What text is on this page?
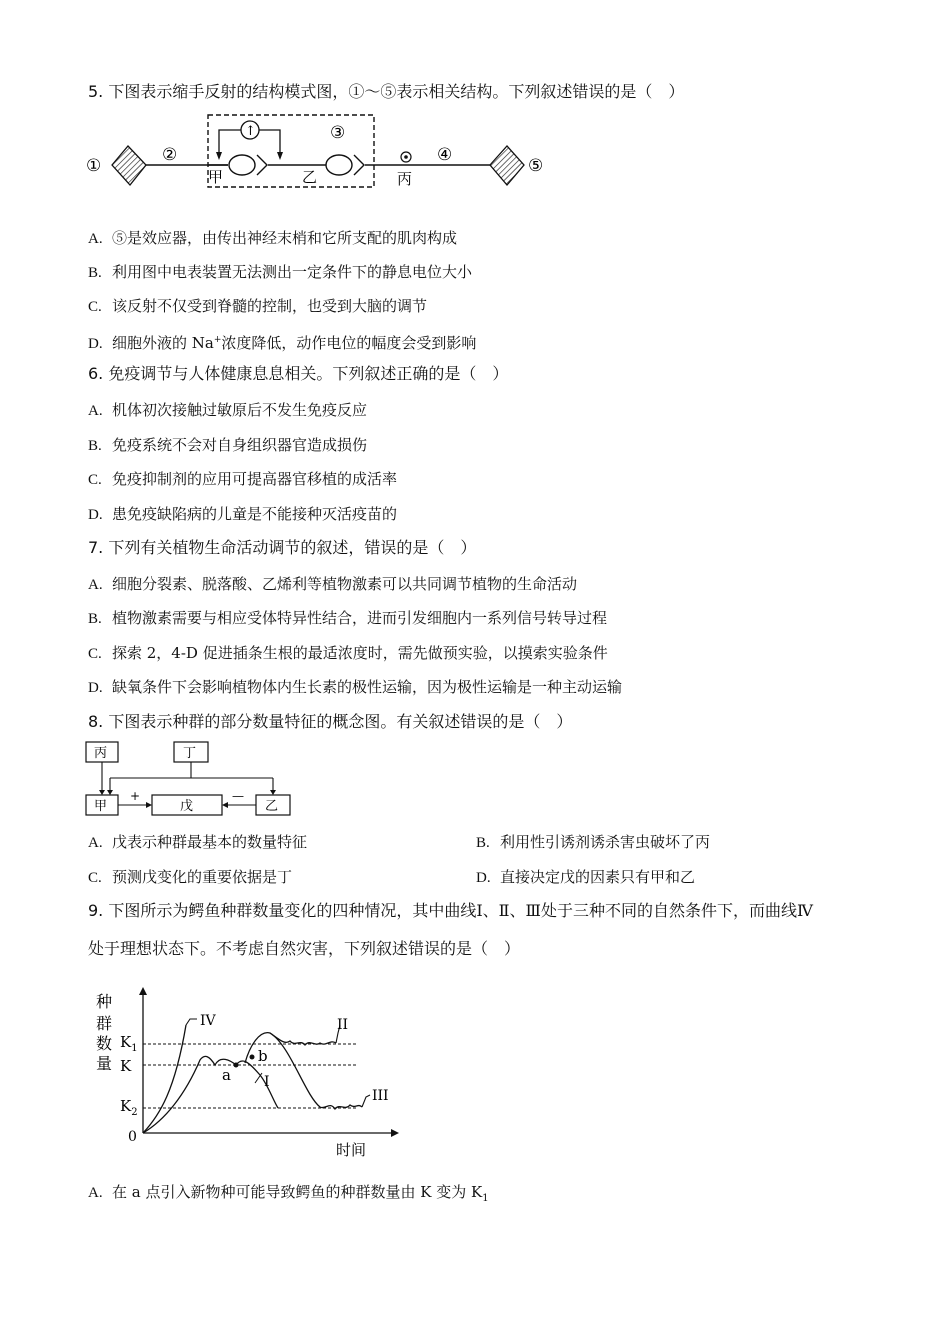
5. 下图表示缩手反射的结构模式图，①～⑤表示相关结构。下列叙述错误的是（　）
①
②
↑	③
甲	乙	丙
④
⑤
A. ⑤是效应器，由传出神经末梢和它所支配的肌肉构成
B. 利用图中电表装置无法测出一定条件下的静息电位大小
C. 该反射不仅受到脊髓的控制，也受到大脑的调节
D. 细胞外液的 Na+浓度降低，动作电位的幅度会受到影响
6. 免疫调节与人体健康息息相关。下列叙述正确的是（　）
A. 机体初次接触过敏原后不发生免疫反应
B. 免疫系统不会对自身组织器官造成损伤
C. 免疫抑制剂的应用可提高器官移植的成活率
D. 患免疫缺陷病的儿童是不能接种灭活疫苗的
7. 下列有关植物生命活动调节的叙述，错误的是（　）
A. 细胞分裂素、脱落酸、乙烯利等植物激素可以共同调节植物的生命活动
B. 植物激素需要与相应受体特异性结合，进而引发细胞内一系列信号转导过程
C. 探索 2，4-D 促进插条生根的最适浓度时，需先做预实验，以摸索实验条件
D. 缺氧条件下会影响植物体内生长素的极性运输，因为极性运输是一种主动运输
8. 下图表示种群的部分数量特征的概念图。有关叙述错误的是（　）
丙	丁
甲	戊	乙
+	—
A. 戊表示种群最基本的数量特征	B. 利用性引诱剂诱杀害虫破坏了丙
C. 预测戊变化的重要依据是丁	D. 直接决定戊的因素只有甲和乙
9. 下图所示为鳄鱼种群数量变化的四种情况，其中曲线Ⅰ、Ⅱ、Ⅲ处于三种不同的自然条件下，而曲线Ⅳ
处于理想状态下。不考虑自然灾害，下列叙述错误的是（　）
种
群
数
量
0
时间
$K_1$
K
$K_2$
IV
I
II
III
a
b
A. 在 a 点引入新物种可能导致鳄鱼的种群数量由 K 变为 $K_1$
